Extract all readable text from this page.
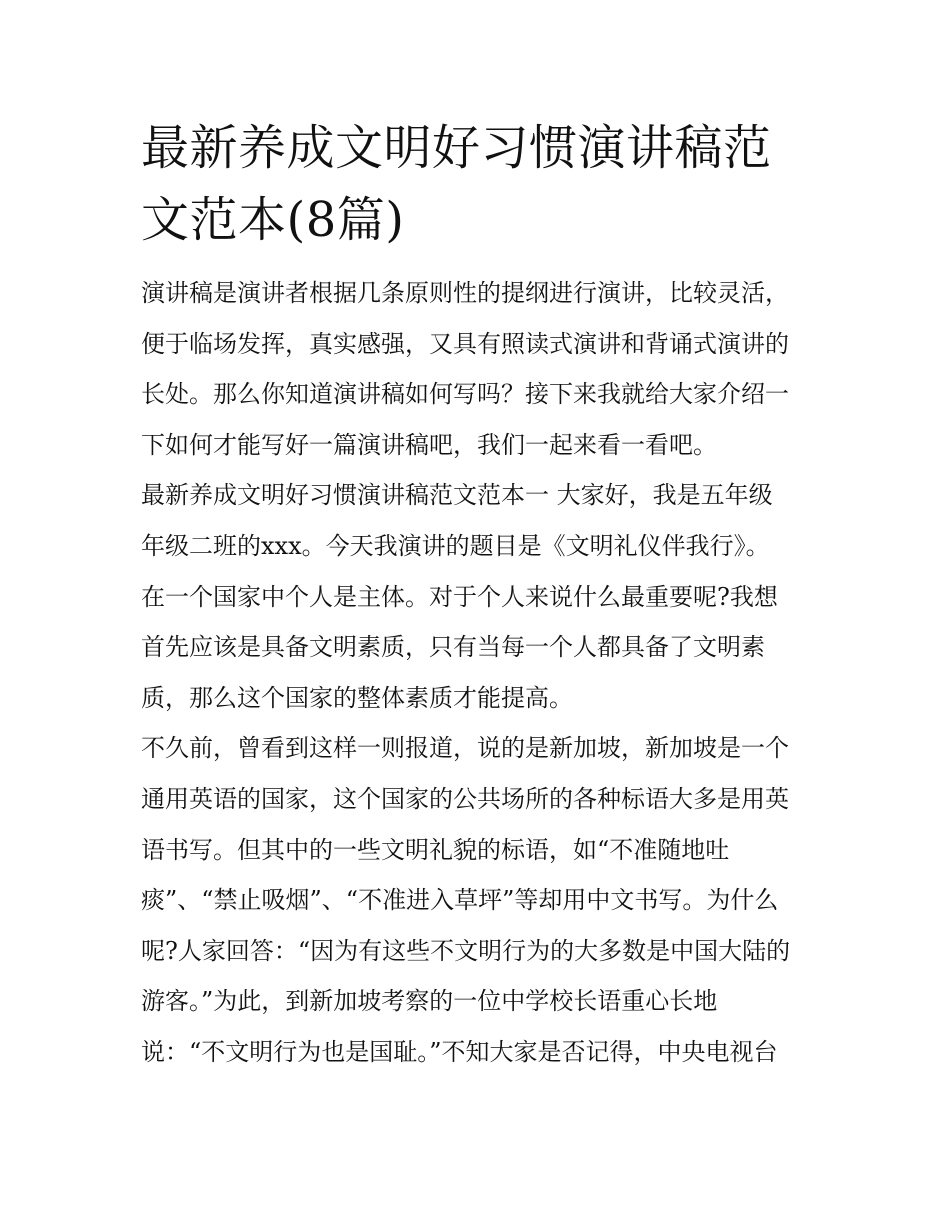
最新养成文明好习惯演讲稿范
文范本(8篇)

演讲稿是演讲者根据几条原则性的提纲进行演讲，比较灵活，
便于临场发挥，真实感强，又具有照读式演讲和背诵式演讲的
长处。那么你知道演讲稿如何写吗？接下来我就给大家介绍一
下如何才能写好一篇演讲稿吧，我们一起来看一看吧。

最新养成文明好习惯演讲稿范文范本一 大家好，我是五年级
年级二班的xxx。今天我演讲的题目是《文明礼仪伴我行》。
在一个国家中个人是主体。对于个人来说什么最重要呢?我想
首先应该是具备文明素质，只有当每一个人都具备了文明素
质，那么这个国家的整体素质才能提高。

不久前，曾看到这样一则报道，说的是新加坡，新加坡是一个
通用英语的国家，这个国家的公共场所的各种标语大多是用英
语书写。但其中的一些文明礼貌的标语，如“不准随地吐
痰”、“禁止吸烟”、“不准进入草坪”等却用中文书写。为什么
呢?人家回答：“因为有这些不文明行为的大多数是中国大陆的
游客。”为此，到新加坡考察的一位中学校长语重心长地
说：“不文明行为也是国耻。”不知大家是否记得，中央电视台
